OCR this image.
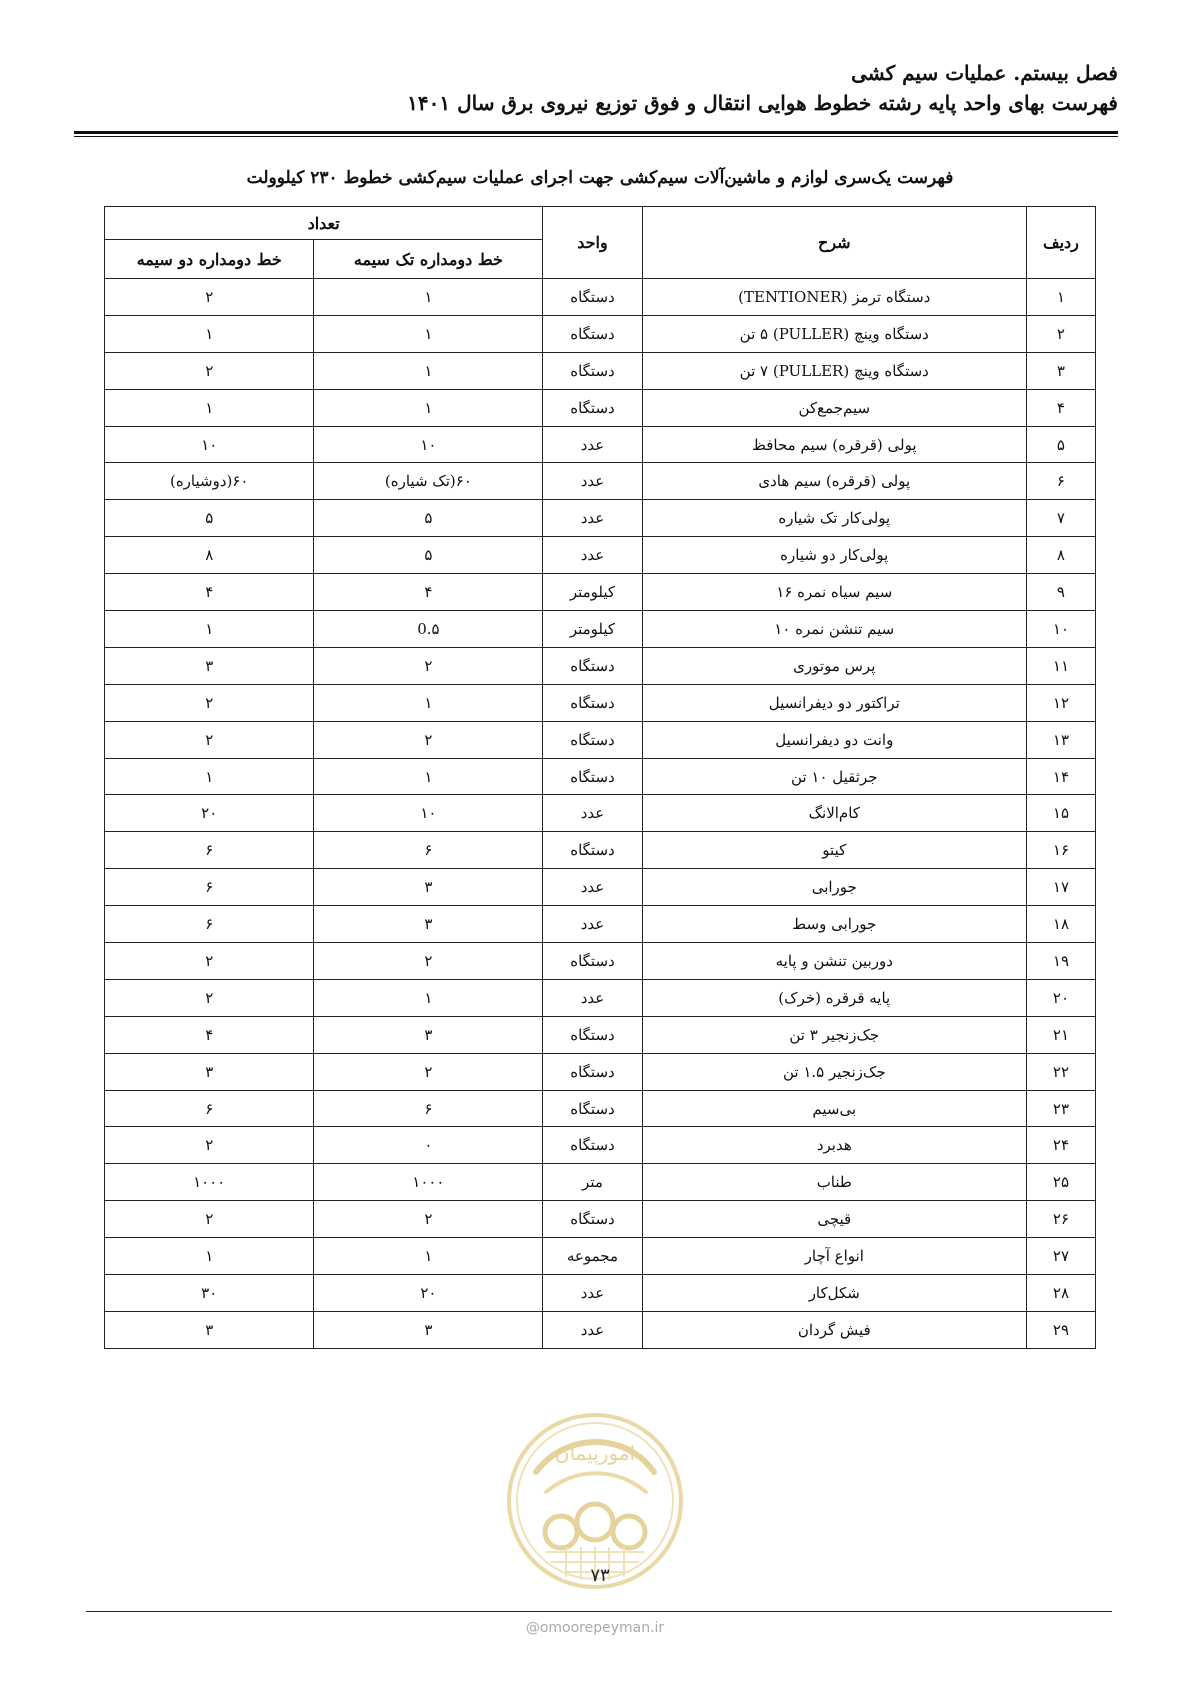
فصل بیستم. عملیات سیم کشی
فهرست بهای واحد پایه رشته خطوط هوایی انتقال و فوق توزیع نیروی برق سال ۱۴۰۱
فهرست یک‌سری لوازم و ماشین‌آلات سیم‌کشی جهت اجرای عملیات سیم‌کشی خطوط ۲۳۰ کیلوولت
ردیف	شرح	واحد	تعداد	
			خط دومداره تک سیمه	خط دومداره دو سیمه
۱	دستگاه ترمز (TENTIONER)	دستگاه	۱	۲
۲	دستگاه وینچ (PULLER) ۵ تن	دستگاه	۱	۱
۳	دستگاه وینچ (PULLER) ۷ تن	دستگاه	۱	۲
۴	سیم‌جمع‌کن	دستگاه	۱	۱
۵	پولی (قرقره) سیم محافظ	عدد	۱۰	۱۰
۶	پولی (قرقره) سیم هادی	عدد	۶۰(تک شیاره)	۶۰(دوشیاره)
۷	پولی‌کار تک شیاره	عدد	۵	۵
۸	پولی‌کار دو شیاره	عدد	۵	۸
۹	سیم سیاه نمره ۱۶	کیلومتر	۴	۴
۱۰	سیم تنشن نمره ۱۰	کیلومتر	0.۵	۱
۱۱	پرس موتوری	دستگاه	۲	۳
۱۲	تراکتور دو دیفرانسیل	دستگاه	۱	۲
۱۳	وانت دو دیفرانسیل	دستگاه	۲	۲
۱۴	جرثقیل ۱۰ تن	دستگاه	۱	۱
۱۵	کام‌الانگ	عدد	۱۰	۲۰
۱۶	کیتو	دستگاه	۶	۶
۱۷	جورابی	عدد	۳	۶
۱۸	جورابی وسط	عدد	۳	۶
۱۹	دوربین تنشن و پایه	دستگاه	۲	۲
۲۰	پایه قرقره (خرک)	عدد	۱	۲
۲۱	جک‌زنجیر ۳ تن	دستگاه	۳	۴
۲۲	جک‌زنجیر ۱.۵ تن	دستگاه	۲	۳
۲۳	بی‌سیم	دستگاه	۶	۶
۲۴	هدبرد	دستگاه	۰	۲
۲۵	طناب	متر	۱۰۰۰	۱۰۰۰
۲۶	قیچی	دستگاه	۲	۲
۲۷	انواع آچار	مجموعه	۱	۱
۲۸	شکل‌کار	عدد	۲۰	۳۰
۲۹	فیش گردان	عدد	۳	۳
امورپیمان
۷۳
@omoorepeyman.ir
